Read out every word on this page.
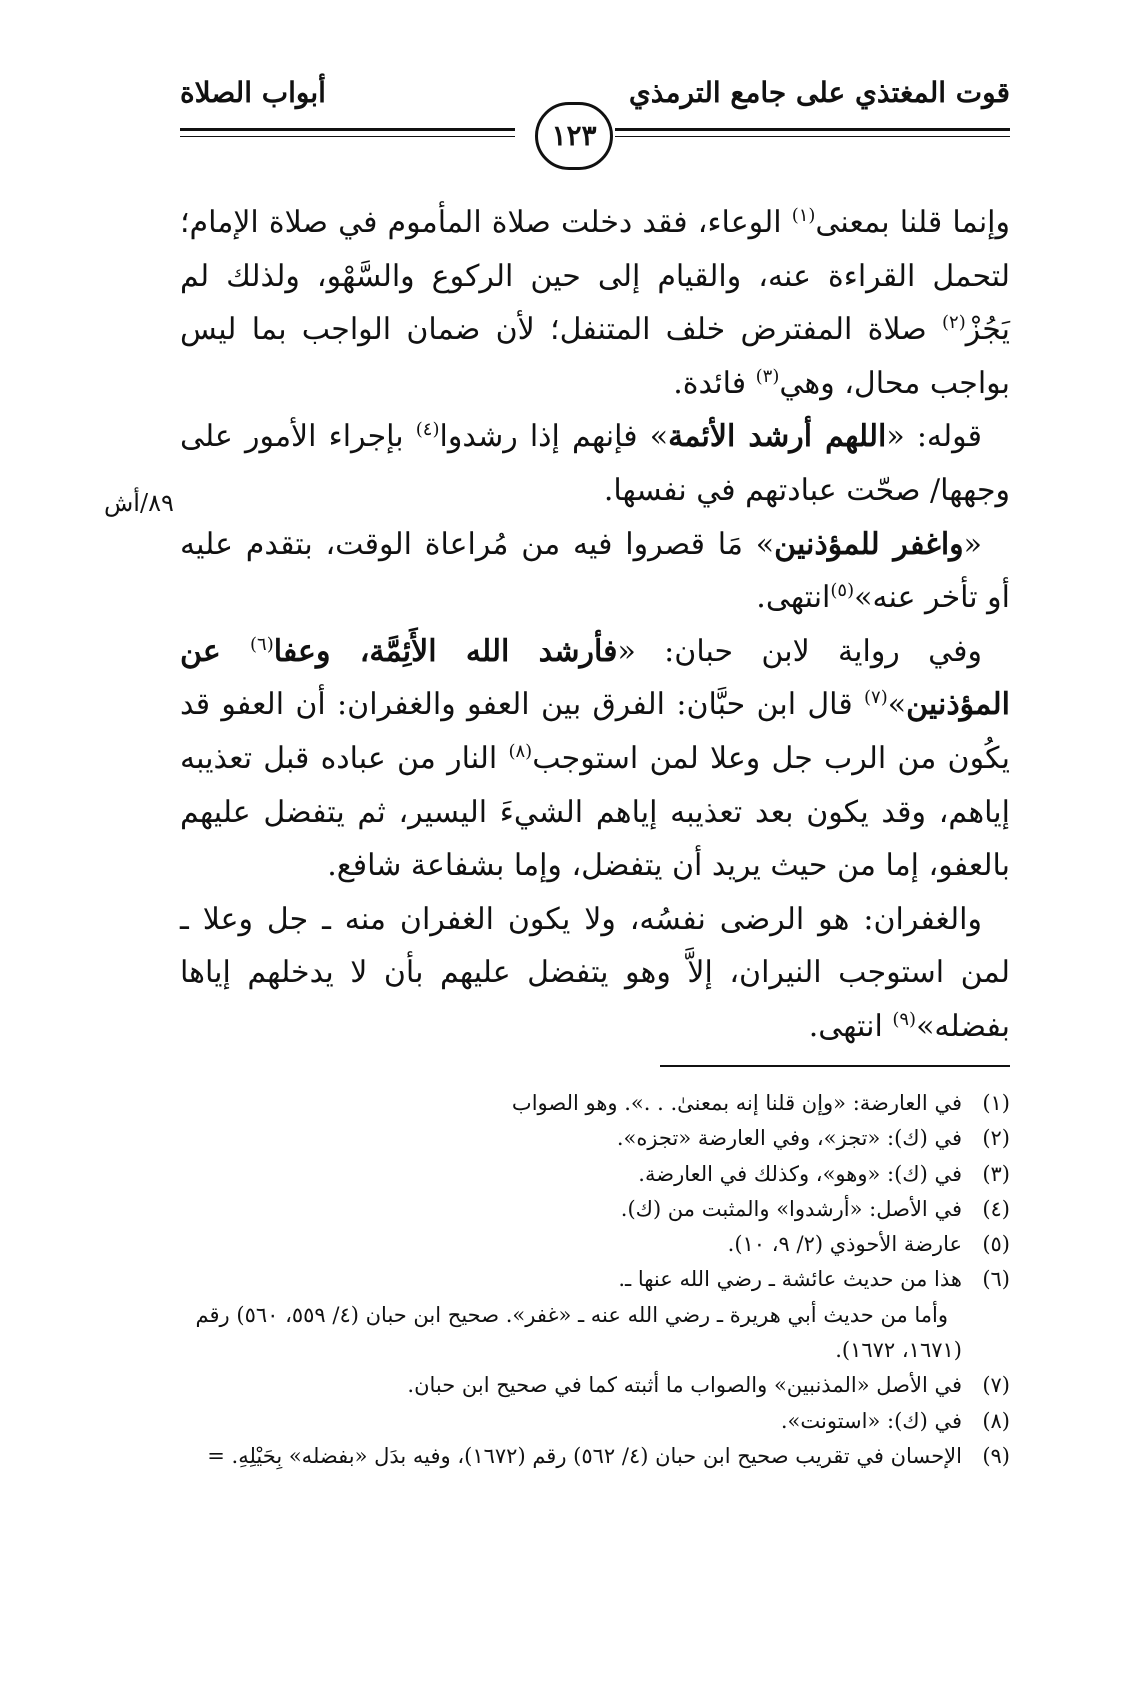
قوت المغتذي على جامع الترمذي
أبواب الصلاة
١٢٣
٨٩/أش

وإنما قلنا بمعنى$^{(١)}$ الوعاء، فقد دخلت صلاة المأموم في صلاة الإمام؛ لتحمل القراءة عنه، والقيام إلى حين الركوع والسَّهْو، ولذلك لم يَجُزْ$^{(٢)}$ صلاة المفترض خلف المتنفل؛ لأن ضمان الواجب بما ليس بواجب محال، وهي$^{(٣)}$ فائدة.

قوله: «اللهم أرشد الأئمة» فإنهم إذا رشدوا$^{(٤)}$ بإجراء الأمور على وجهها/ صحّت عبادتهم في نفسها.

«واغفر للمؤذنين» مَا قصروا فيه من مُراعاة الوقت، بتقدم عليه أو تأخر عنه»$^{(٥)}$انتهى.

وفي رواية لابن حبان: «فأرشد الله الأَئِمَّة، وعفا$^{(٦)}$ عن المؤذنين»$^{(٧)}$ قال ابن حبَّان: الفرق بين العفو والغفران: أن العفو قد يكُون من الرب جل وعلا لمن استوجب$^{(٨)}$ النار من عباده قبل تعذيبه إياهم، وقد يكون بعد تعذيبه إياهم الشيءَ اليسير، ثم يتفضل عليهم بالعفو، إما من حيث يريد أن يتفضل، وإما بشفاعة شافع.

والغفران: هو الرضى نفسُه، ولا يكون الغفران منه ـ جل وعلا ـ لمن استوجب النيران، إلاَّ وهو يتفضل عليهم بأن لا يدخلهم إياها بفضله»$^{(٩)}$ انتهى.

(١)في العارضة: «وإن قلنا إنه بمعنىٰ. . .». وهو الصواب

(٢)في (ك): «تجز»، وفي العارضة «تجزه».

(٣)في (ك): «وهو»، وكذلك في العارضة.

(٤)في الأصل: «أرشدوا» والمثبت من (ك).

(٥)عارضة الأحوذي (٢/ ٩، ١٠).

(٦)هذا من حديث عائشة ـ رضي الله عنها ـ.

وأما من حديث أبي هريرة ـ رضي الله عنه ـ «غفر». صحيح ابن حبان (٤/ ٥٥٩، ٥٦٠) رقم (١٦٧١، ١٦٧٢).

(٧)في الأصل «المذنبين» والصواب ما أثبته كما في صحيح ابن حبان.

(٨)في (ك): «استونت».

(٩)الإحسان في تقريب صحيح ابن حبان (٤/ ٥٦٢) رقم (١٦٧٢)، وفيه بدَل «بفضله» بِحَيْلِهِ. =
